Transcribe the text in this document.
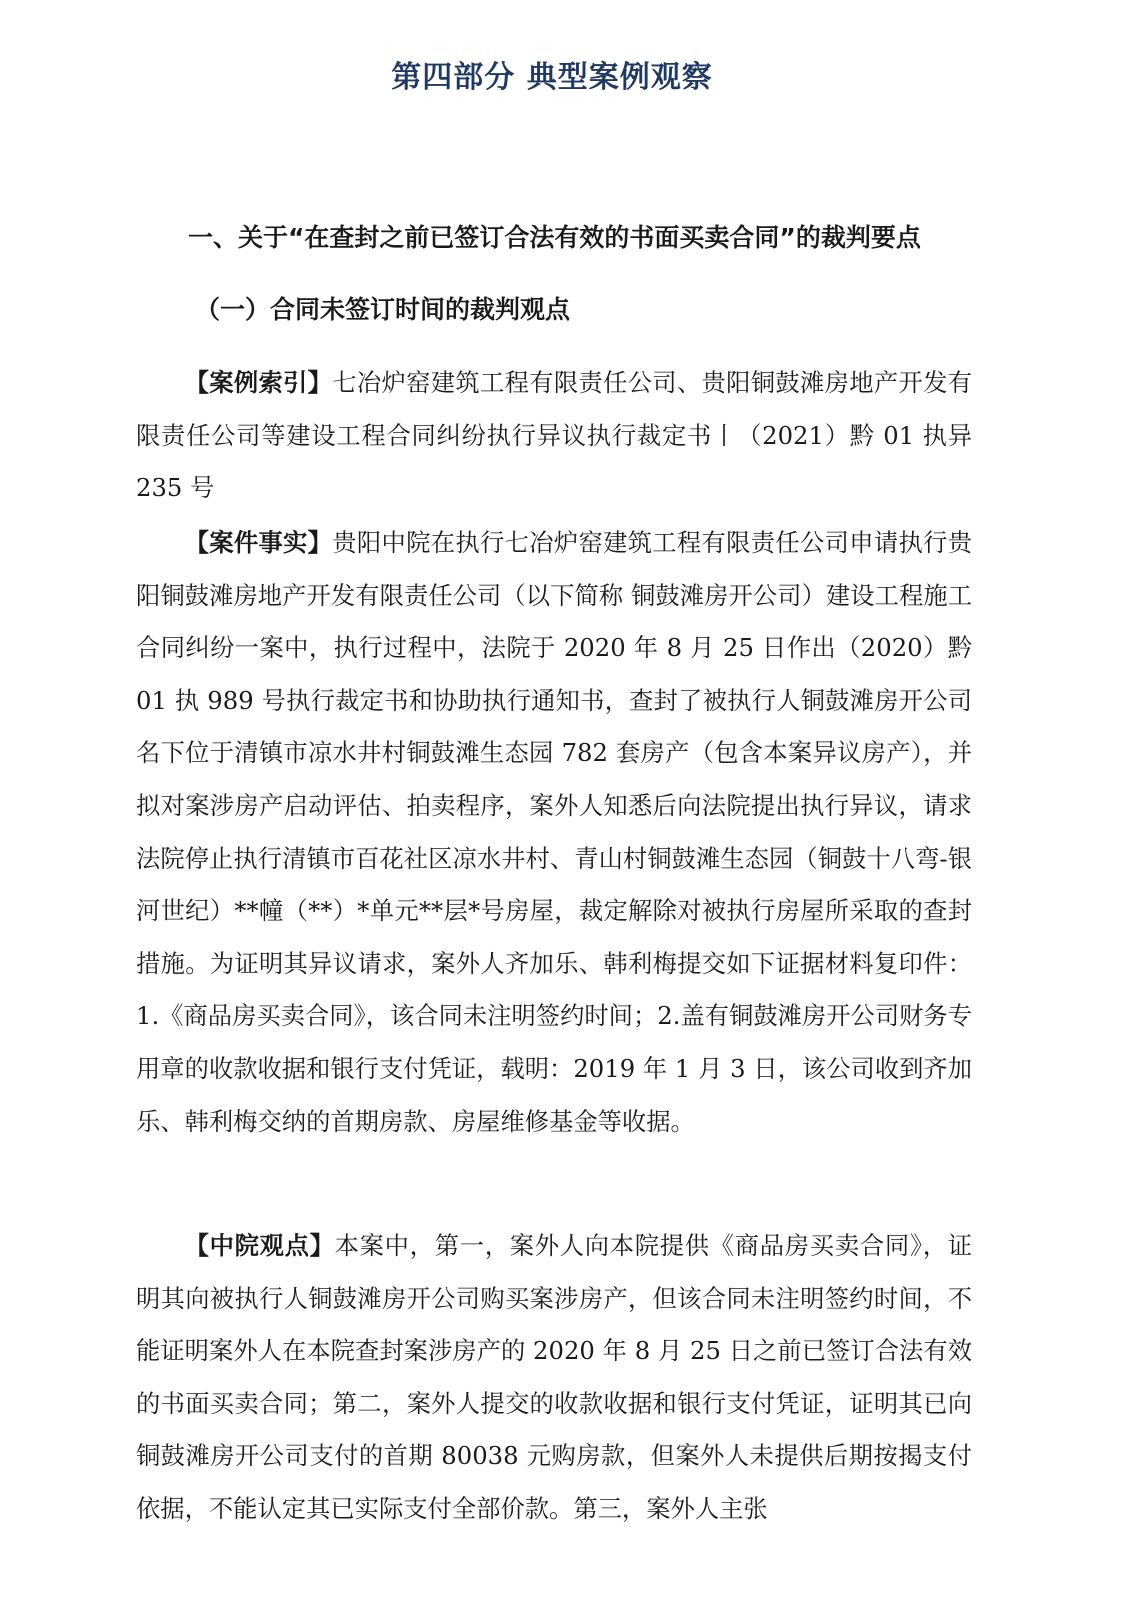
第四部分 典型案例观察
一、关于“在查封之前已签订合法有效的书面买卖合同”的裁判要点
（一）合同未签订时间的裁判观点

【案例索引】七冶炉窑建筑工程有限责任公司、贵阳铜鼓滩房地产开发有限责任公司等建设工程合同纠纷执行异议执行裁定书丨（2021）黔 01 执异 235 号

【案件事实】贵阳中院在执行七冶炉窑建筑工程有限责任公司申请执行贵阳铜鼓滩房地产开发有限责任公司（以下简称 铜鼓滩房开公司）建设工程施工合同纠纷一案中，执行过程中，法院于 2020 年 8 月 25 日作出（2020）黔 01 执 989 号执行裁定书和协助执行通知书，查封了被执行人铜鼓滩房开公司名下位于清镇市凉水井村铜鼓滩生态园 782 套房产（包含本案异议房产），并拟对案涉房产启动评估、拍卖程序，案外人知悉后向法院提出执行异议，请求法院停止执行清镇市百花社区凉水井村、青山村铜鼓滩生态园（铜鼓十八弯-银河世纪）**幢（**）*单元**层*号房屋，裁定解除对被执行房屋所采取的查封措施。为证明其异议请求，案外人齐加乐、韩利梅提交如下证据材料复印件：1.《商品房买卖合同》，该合同未注明签约时间；2.盖有铜鼓滩房开公司财务专用章的收款收据和银行支付凭证，载明：2019 年 1 月 3 日，该公司收到齐加乐、韩利梅交纳的首期房款、房屋维修基金等收据。

【中院观点】本案中，第一，案外人向本院提供《商品房买卖合同》，证明其向被执行人铜鼓滩房开公司购买案涉房产，但该合同未注明签约时间，不能证明案外人在本院查封案涉房产的 2020 年 8 月 25 日之前已签订合法有效的书面买卖合同；第二，案外人提交的收款收据和银行支付凭证，证明其已向铜鼓滩房开公司支付的首期 80038 元购房款，但案外人未提供后期按揭支付依据，不能认定其已实际支付全部价款。第三，案外人主张
